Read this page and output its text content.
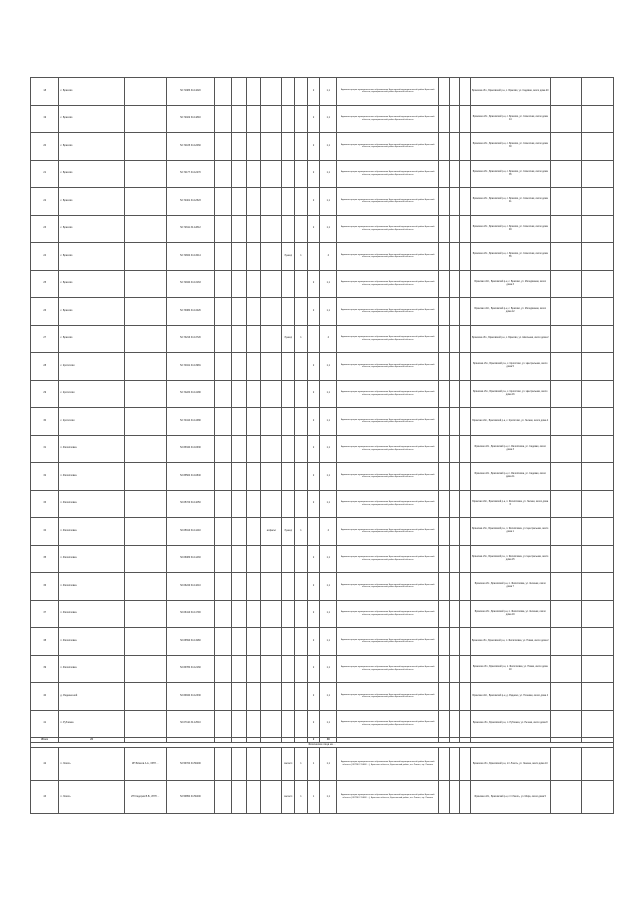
18	с. Брасово		52.71983 34.11620							2	1,1	Администрация муниципального образования Брасовский муниципальный район Брянской области, муниципальный район Брянской области				Брянская обл., Брасовский р-н, с. Брасово, ул. Садовая, около дома 20		
19	с. Брасово		52.72022 34.11840							2	1,1	Администрация муниципального образования Брасовский муниципальный район Брянской области, муниципальный район Брянской области				Брянская обл., Брасовский р-н, с. Брасово, ул. Советская, около дома 14		
20	с. Брасово		52.72105 34.12060							2	1,1	Администрация муниципального образования Брасовский муниципальный район Брянской области, муниципальный район Брянской области				Брянская обл., Брасовский р-н, с. Брасово, ул. Советская, около дома 30		
21	с. Брасово		52.72177 34.12270							2	1,1	Администрация муниципального образования Брасовский муниципальный район Брянской области, муниципальный район Брянской области				Брянская обл., Брасовский р-н, с. Брасово, ул. Советская, около дома 35		
22	с. Брасово		52.72401 34.12523							2	1,1	Администрация муниципального образования Брасовский муниципальный район Брянской области, муниципальный район Брянской области				Брянская обл., Брасовский р-н, с. Брасово, ул. Советская, около дома 41		
23	с. Брасово		52.72611 34.12812							2	1,1	Администрация муниципального образования Брасовский муниципальный район Брянской области, муниципальный район Брянской области				Брянская обл., Брасовский р-н, с. Брасово, ул. Советская, около дома 49		
24	с. Брасово		52.72834 34.13014					бункер	1		4	Администрация муниципального образования Брасовский муниципальный район Брянской области, муниципальный район Брянской области				Брянская обл., Брасовский р-н, с. Брасово, ул. Советская, около дома 55		
25	с. Брасово		52.72940 34.13163							2	1,1	Администрация муниципального образования Брасовский муниципальный район Брянской области, муниципальный район Брянской области				Брянская обл., Брасовский р-н, с. Брасово, ул. Молодёжная, около дома 3		
26	с. Брасово		52.73080 34.13426							2	1,1	Администрация муниципального образования Брасовский муниципальный район Брянской области, муниципальный район Брянской области				Брянская обл., Брасовский р-н, с. Брасово, ул. Молодёжная, около дома 12		
27	с. Брасово		52.73216 34.13720					бункер	1		4	Администрация муниципального образования Брасовский муниципальный район Брянской области, муниципальный район Брянской области				Брянская обл., Брасовский р-н, с. Брасово, ул. Школьная, около дома 2		
28	с. Кропотово		52.74041 34.13981							2	1,1	Администрация муниципального образования Брасовский муниципальный район Брянской области, муниципальный район Брянской области				Брянская обл., Брасовский р-н, с. Кропотово, ул. Центральная, около дома 5		
29	с. Кропотово		52.74220 34.14180							2	1,1	Администрация муниципального образования Брасовский муниципальный район Брянской области, муниципальный район Брянской области				Брянская обл., Брасовский р-н, с. Кропотово, ул. Центральная, около дома 16		
30	с. Кропотово		52.74410 34.14380							2	1,1	Администрация муниципального образования Брасовский муниципальный район Брянской области, муниципальный район Брянской области				Брянская обл., Брасовский р-н, с. Кропотово, ул. Лесная, около дома 4		
31	п. Филипповка		52.65340 34.10630							2	1,1	Администрация муниципального образования Брасовский муниципальный район Брянской области, муниципальный район Брянской области				Брянская обл., Брасовский р-н, п. Филипповка, ул. Садовая, около дома 3		
32	п. Филипповка		52.65500 34.10840							2	1,1	Администрация муниципального образования Брасовский муниципальный район Брянской области, муниципальный район Брянской области				Брянская обл., Брасовский р-н, п. Филипповка, ул. Садовая, около дома 11		
33	п. Филипповка		52.65720 34.11050							2	1,1	Администрация муниципального образования Брасовский муниципальный район Брянской области, муниципальный район Брянской области				Брянская обл., Брасовский р-н, п. Филипповка, ул. Лесная, около дома 6		
34	п. Филипповка		52.65910 34.11240				асфальт	бункер	1		4	Администрация муниципального образования Брасовский муниципальный район Брянской области, муниципальный район Брянской области				Брянская обл., Брасовский р-н, п. Филипповка, ул. Центральная, около дома 1		
35	п. Филипповка		52.66080 34.11430							2	1,1	Администрация муниципального образования Брасовский муниципальный район Брянской области, муниципальный район Брянской области				Брянская обл., Брасовский р-н, п. Филипповка, ул. Центральная, около дома 15		
36	п. Филипповка		52.66240 34.11610							2	1,1	Администрация муниципального образования Брасовский муниципальный район Брянской области, муниципальный район Брянской области				Брянская обл., Брасовский р-н, п. Филипповка, ул. Зелёная, около дома 7		
37	п. Филипповка		52.66410 34.11790							2	1,1	Администрация муниципального образования Брасовский муниципальный район Брянской области, муниципальный район Брянской области				Брянская обл., Брасовский р-н, п. Филипповка, ул. Зелёная, около дома 19		
38	п. Филипповка		52.66590 34.11980							2	1,1	Администрация муниципального образования Брасовский муниципальный район Брянской области, муниципальный район Брянской области				Брянская обл., Брасовский р-н, п. Филипповка, ул. Новая, около дома 2		
39	п. Филипповка		52.66780 34.12160							2	1,1	Администрация муниципального образования Брасовский муниципальный район Брянской области, муниципальный район Брянской области				Брянская обл., Брасовский р-н, п. Филипповка, ул. Новая, около дома 10		
40	д. Раднино-кий		52.66940 34.12330							2	1,1	Администрация муниципального образования Брасовский муниципальный район Брянской области, муниципальный район Брянской области				Брянская обл., Брасовский р-н, д. Раднино, ул. Полевая, около дома 4		
41	п. Рубчинка		52.67110 34.12510							2	1,1	Администрация муниципального образования Брасовский муниципальный район Брянской области, муниципальный район Брянской области				Брянская обл., Брасовский р-н, п. Рубчинка, ул. Речная, около дома 8		
Итого	24									2	48							
Физические лица на ...																		
42	п. Локоть	ИП Власов А.А., ИНН ...	52.56700 34.56200					металл	1	1	1,1	Администрация муниципального образования Брасовский муниципальный район Брянской области (ОКТМО 15608 ...), Брянская область, Брасовский район, пгт Локоть, пр. Ленина				Брянская обл., Брасовский р-н, пгт Локоть, ул. Ленина, около дома 10		
43	п. Локоть	ИП Сидоров В.В., ИНН ...	52.56850 34.56400					металл	1	1	1,1	Администрация муниципального образования Брасовский муниципальный район Брянской области (ОКТМО 15608 ...), Брянская область, Брасовский район, пгт Локоть, пр. Ленина				Брянская обл., Брасовский р-н, пгт Локоть, ул. Мира, около дома 5		
